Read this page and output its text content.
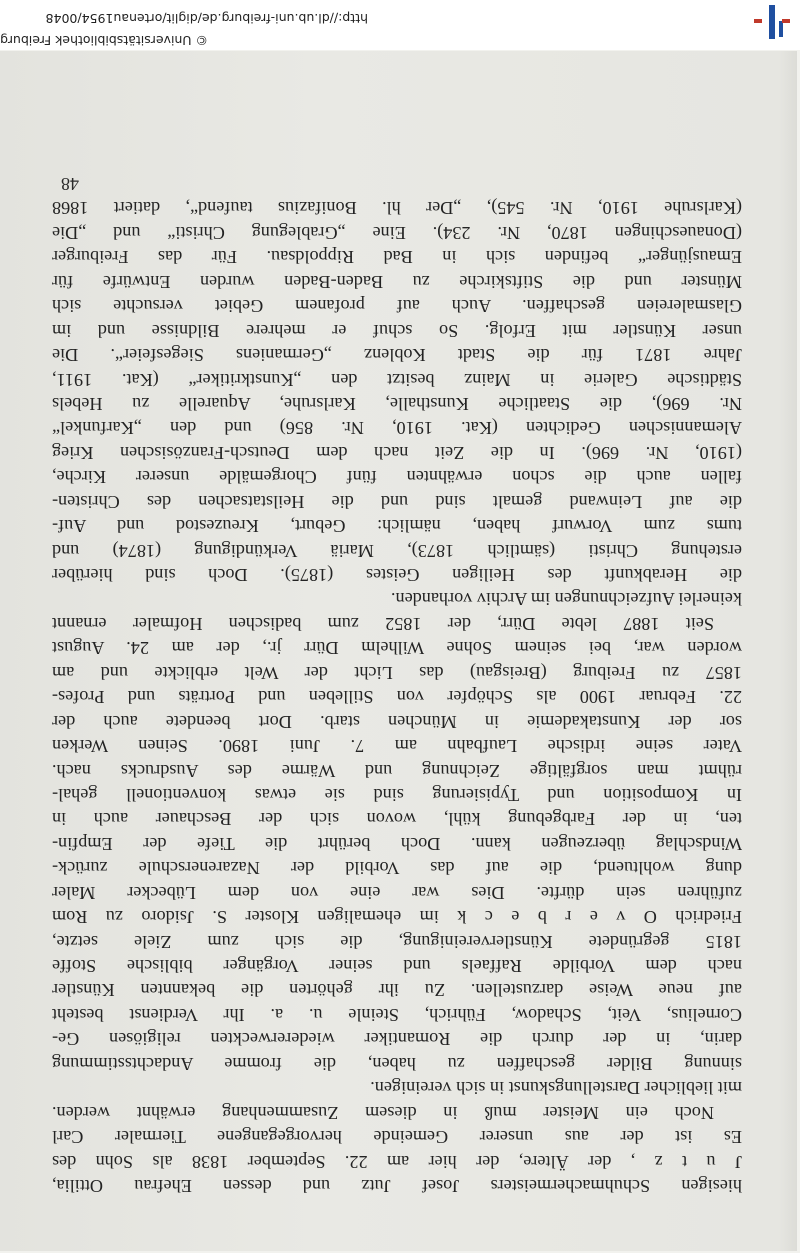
http://dl.ub.uni-freiburg.de/diglit/ortenau1954/0048
© Universitätsbibliothek Freiburg
48
hiesigen Schuhmachermeisters Josef Jutz und dessen Ehefrau Ottilia,
J u t z , der Ältere, der hier am 22. September 1838 als Sohn des
Es ist der aus unserer Gemeinde hervorgegangene Tiermaler Carl
Noch ein Meister muß in diesem Zusammenhang erwähnt werden.
mit lieblicher Darstellungskunst in sich vereinigen.
sinnung Bilder geschaffen zu haben, die fromme Andachtsstimmung
darin, in der durch die Romantiker wiedererweckten religiösen Ge-
Cornelius, Veit, Schadow, Führich, Steinle u. a. Ihr Verdienst besteht
auf neue Weise darzustellen. Zu ihr gehörten die bekannten Künstler
nach dem Vorbilde Raffaels und seiner Vorgänger biblische Stoffe
1815 gegründete Künstlervereinigung, die sich zum Ziele setzte,
Friedrich O v e r b e c k im ehemaligen Kloster S. Jsidoro zu Rom
zuführen sein dürfte. Dies war eine von dem Lübecker Maler
dung wohltuend, die auf das Vorbild der Nazarenerschule zurück-
Windschlag überzeugen kann. Doch berührt die Tiefe der Empfin-
ten, in der Farbgebung kühl, wovon sich der Beschauer auch in
In Komposition und Typisierung sind sie etwas konventionell gehal-
rühmt man sorgfältige Zeichnung und Wärme des Ausdrucks nach.
Vater seine irdische Laufbahn am 7. Juni 1890. Seinen Werken
sor der Kunstakademie in München starb. Dort beendete auch der
22. Februar 1900 als Schöpfer von Stilleben und Porträts und Profes-
1857 zu Freiburg (Breisgau) das Licht der Welt erblickte und am
worden war, bei seinem Sohne Wilhelm Dürr jr., der am 24. August
Seit 1887 lebte Dürr, der 1852 zum badischen Hofmaler ernannt
keinerlei Aufzeichnungen im Archiv vorhanden.
die Herabkunft des Heiligen Geistes (1875). Doch sind hierüber
erstehung Christi (sämtlich 1873), Mariä Verkündigung (1874) und
tums zum Vorwurf haben, nämlich: Geburt, Kreuzestod und Auf-
die auf Leinwand gemalt sind und die Heilstatsachen des Christen-
fallen auch die schon erwähnten fünf Chorgemälde unserer Kirche,
(1910, Nr. 696). In die Zeit nach dem Deutsch-Französischen Krieg
Alemannischen Gedichten (Kat. 1910, Nr. 856) und den „Karfunkel“
Nr. 696), die Staatliche Kunsthalle, Karlsruhe, Aquarelle zu Hebels
Städtische Galerie in Mainz besitzt den „Kunstkritiker“ (Kat. 1911,
Jahre 1871 für die Stadt Koblenz „Germaniens Siegesfeier“. Die
unser Künstler mit Erfolg. So schuf er mehrere Bildnisse und im
Glasmalereien geschaffen. Auch auf profanem Gebiet versuchte sich
Münster und die Stiftskirche zu Baden-Baden wurden Entwürfe für
Emausjünger“ befinden sich in Bad Rippoldsau. Für das Freiburger
(Donaueschingen 1870, Nr. 234). Eine „Grablegung Christi“ und „Die
(Karlsruhe 1910, Nr. 545), „Der hl. Bonifazius taufend“, datiert 1868
